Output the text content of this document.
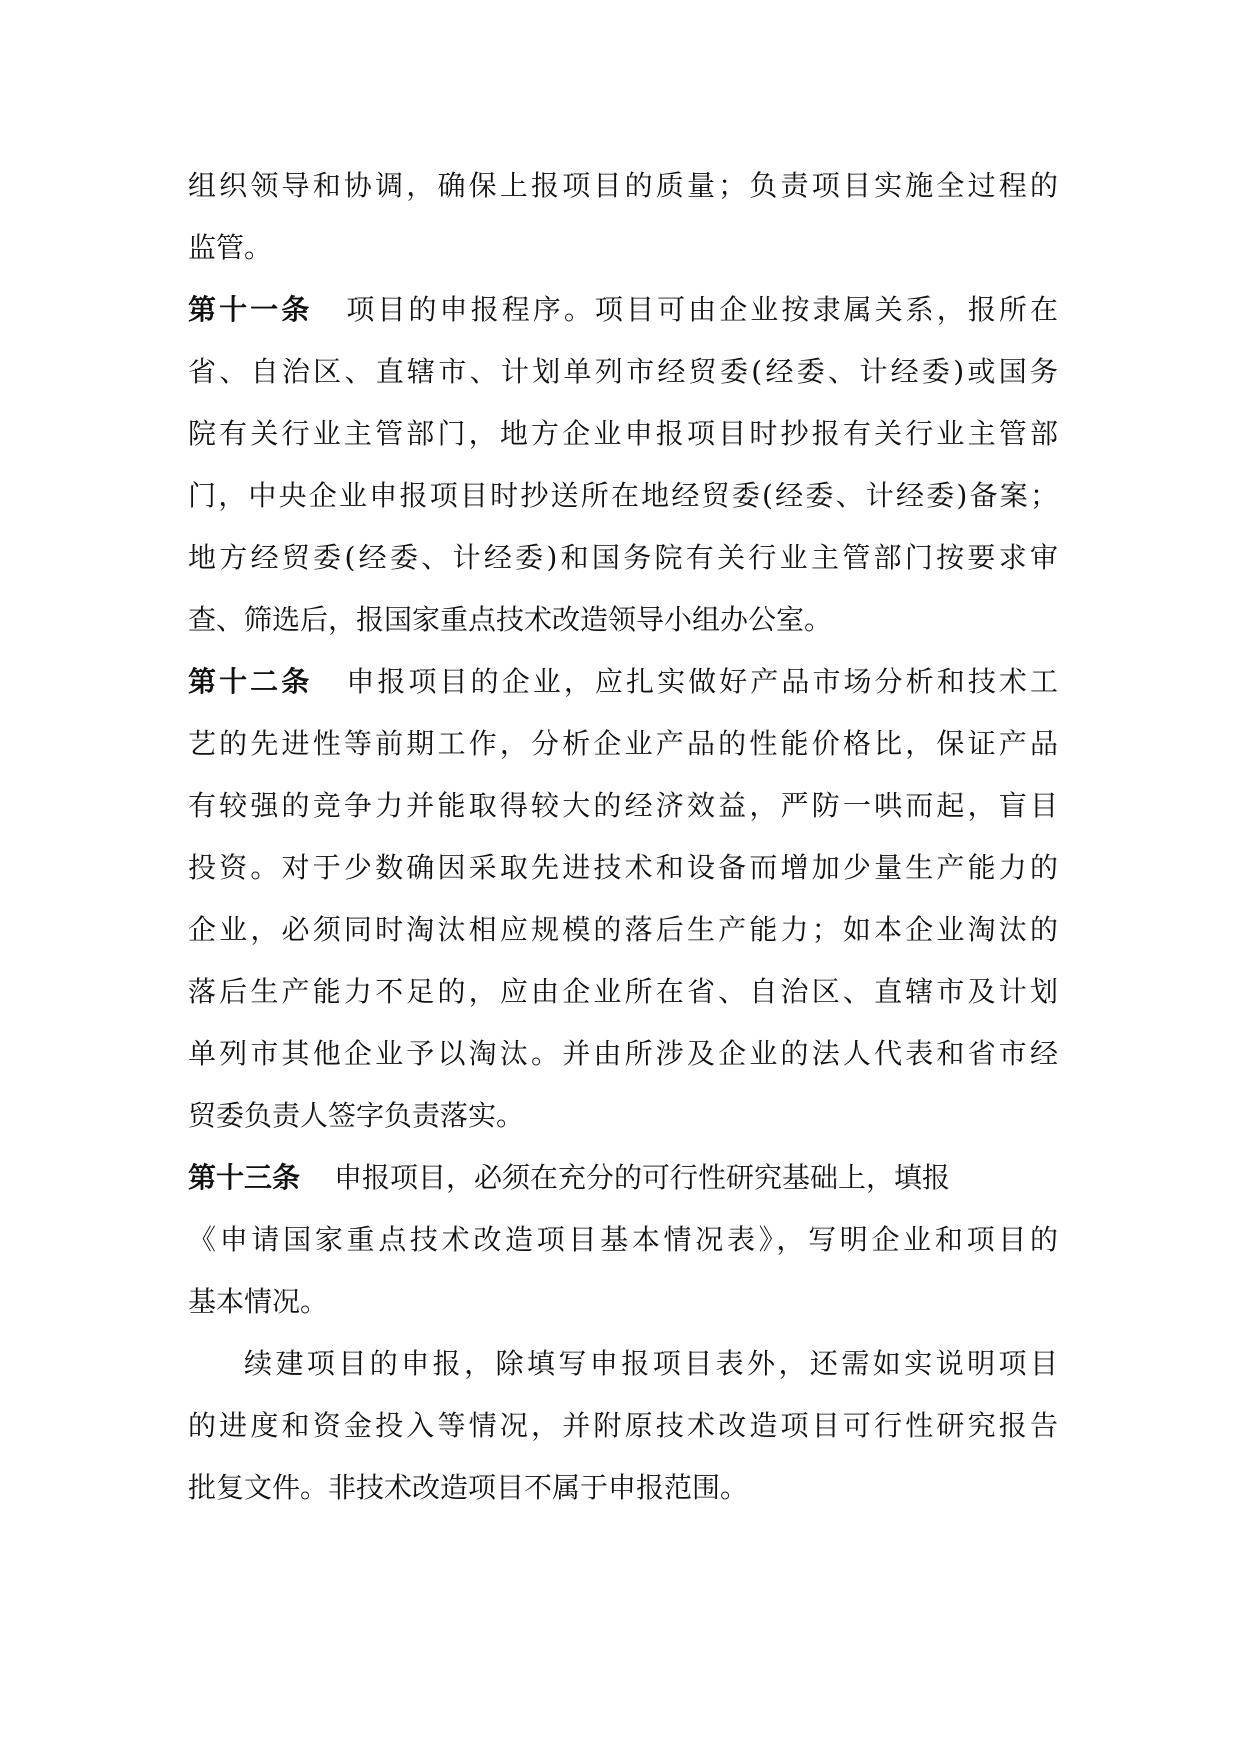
组织领导和协调，确保上报项目的质量；负责项目实施全过程的
监管。
第十一条 项目的申报程序。项目可由企业按隶属关系，报所在
省、自治区、直辖市、计划单列市经贸委(经委、计经委)或国务
院有关行业主管部门，地方企业申报项目时抄报有关行业主管部
门，中央企业申报项目时抄送所在地经贸委(经委、计经委)备案；
地方经贸委(经委、计经委)和国务院有关行业主管部门按要求审
查、筛选后，报国家重点技术改造领导小组办公室。
第十二条 申报项目的企业，应扎实做好产品市场分析和技术工
艺的先进性等前期工作，分析企业产品的性能价格比，保证产品
有较强的竞争力并能取得较大的经济效益，严防一哄而起，盲目
投资。对于少数确因采取先进技术和设备而增加少量生产能力的
企业，必须同时淘汰相应规模的落后生产能力；如本企业淘汰的
落后生产能力不足的，应由企业所在省、自治区、直辖市及计划
单列市其他企业予以淘汰。并由所涉及企业的法人代表和省市经
贸委负责人签字负责落实。
第十三条 申报项目，必须在充分的可行性研究基础上，填报
《申请国家重点技术改造项目基本情况表》，写明企业和项目的
基本情况。
续建项目的申报，除填写申报项目表外，还需如实说明项目
的进度和资金投入等情况，并附原技术改造项目可行性研究报告
批复文件。非技术改造项目不属于申报范围。
